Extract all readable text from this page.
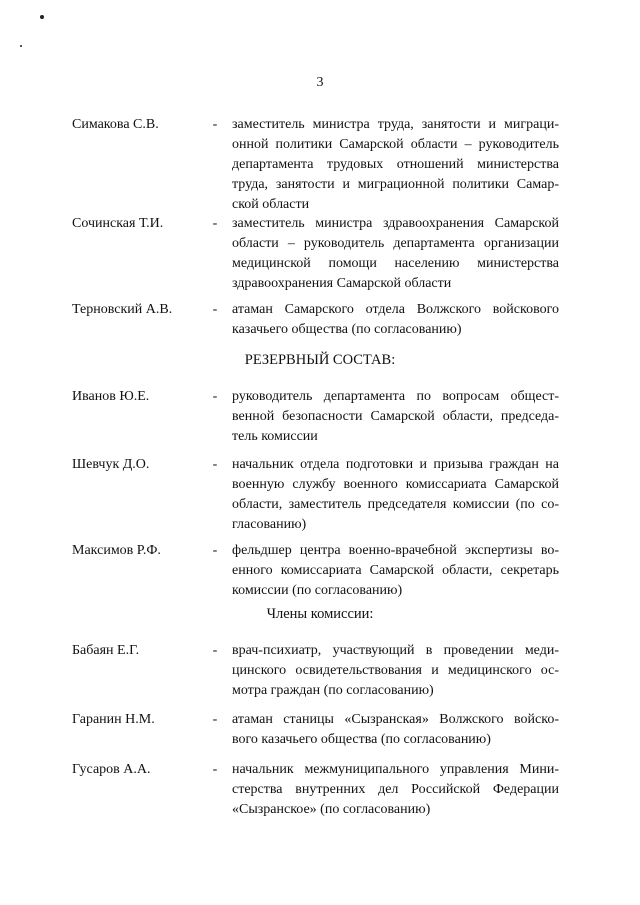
3
Симакова С.В.	- заместитель министра труда, занятости и миграци-
онной политики Самарской области – руководитель
департамента трудовых отношений министерства
труда, занятости и миграционной политики Самар-
ской области
Сочинская Т.И.	- заместитель министра здравоохранения Самарской
области – руководитель департамента организации
медицинской помощи населению министерства
здравоохранения Самарской области
Терновский А.В.	- атаман Самарского отдела Волжского войскового
казачьего общества (по согласованию)
РЕЗЕРВНЫЙ СОСТАВ:
Иванов Ю.Е.	- руководитель департамента по вопросам общест-
венной безопасности Самарской области, председа-
тель комиссии
Шевчук Д.О.	- начальник отдела подготовки и призыва граждан на
военную службу военного комиссариата Самарской
области, заместитель председателя комиссии (по со-
гласованию)
Максимов Р.Ф.	- фельдшер центра военно-врачебной экспертизы во-
енного комиссариата Самарской области, секретарь
комиссии (по согласованию)
Члены комиссии:
Бабаян Е.Г.	- врач-психиатр, участвующий в проведении меди-
цинского освидетельствования и медицинского ос-
мотра граждан (по согласованию)
Гаранин Н.М.	- атаман станицы «Сызранская» Волжского войско-
вого казачьего общества (по согласованию)
Гусаров А.А.	- начальник межмуниципального управления Мини-
стерства внутренних дел Российской Федерации
«Сызранское» (по согласованию)
